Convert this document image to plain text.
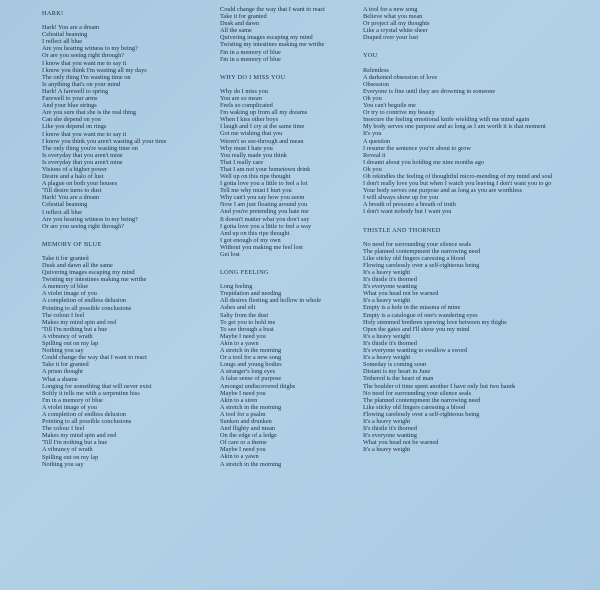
HARK!
Hark! You are a dream
Celestial beaming
I reflect all blue
Are you hearing witness to my being?
Or are you seeing right through?
I know that you want me to say it
I know you think I'm wasting all my days
The only thing I'm wasting time on
Is anything that's on your mind
Hark! A farewell to spring
Farewell to your arms
And your blue strings
Are you sure that she is the real thing
Can she depend on you
Like you depend on rings
I know that you want me to say it
I know you think you aren't wasting all your time
The only thing you're wasting time on
Is everyday that you aren't mine
Is everyday that you aren't mine
Visions of a higher power
Desire and a halo of lust
A plague on both your houses
'Till desire turns to dust
Hark! You are a dream
Celestial beaming
I reflect all blue
Are you hearing witness to my being?
Or are you seeing right through?
MEMORY OF BLUE
Take it for granted
Dusk and dawn all the same
Quivering images escaping my mind
Twisting my intestines making me writhe
A memory of blue
A violet image of you
A completion of endless delusion
Pointing to all possible conclusions
The colour I feel
Makes my mind spin and reel
'Till I'm nothing but a hue
A vibrancy of wrath
Spilling out on my lap
Nothing you say
Could change the way that I want to react
Take it for granted
A prism thought
What a shame
Longing for something that will never exist
Softly it tells me with a serpentine hiss
I'm in a memory of blue
A violet image of you
A completion of endless delusion
Pointing to all possible conclusions
The colour I feel
Makes my mind spin and reel
'Till I'm nothing but a hue
A vibrancy of wrath
Spilling out on my lap
Nothing you say
Could change the way that I want to react
Take it for granted
Dusk and dawn
All the same
Quivering images escaping my mind
Twisting my intestines making me writhe
I'm in a memory of blue
I'm in a memory of blue
WHY DO I MISS YOU
Why do I miss you
You are so mean
Feels so complicated
I'm waking up from all my dreams
When I kiss other boys
I laugh and I cry at the same time
Got me wishing that you
Weren't so see-through and mean
Why must I hate you
You really made you think
That I really care
That I am not your hometown drink
Well up on this ripe thought
I gotta love you a little to feel a lot
Tell me why must I hurt you
Why can't you say how you seem
Now I am just floating around you
And you're pretending you hate me
It doesn't matter what you don't say
I gotta love you a little to feel a way
And up on this ripe thought
I got enough of my own
Without you making me feel lost
Get lost
LONG FEELING
Long feeling
Trepidation and needing
All desires fleeting and hollow in whole
Ashes and silt
Salty from the dust
To get you to hold me
To see through a bust
Maybe I need you
Akin to a yawn
A stretch in the morning
Or a tool for a new song
Longs and young bodies
A stranger's long eyes
A false sense of purpose
Amongst undiscovered thighs
Maybe I need you
Akin to a siren
A stretch in the morning
A tool for a psalm
Sunken and drunken
And flighty and mean
On the edge of a ledge
Of care or a theme
Maybe I need you
Akin to a yawn
A stretch in the morning
A tool for a new song
Believe what you mean
Or project all my thoughts
Like a crystal white sheer
Draped over your lust
YOU
Relentless
A darkened obsession of love
Obsession
Everyone is fine until they are drowning in someone
Oh you
You can't beguile me
Or try to contrive my beauty
Insecure the feeling emotional knife wielding with me mind again
My body serves one purpose and as long as I am worth it is that moment
It's you
A question
I resume the sentence you're about to grow
Reveal it
I dreamt about you holding me nine months ago
Oh you
Oh rekindles the feeling of thoughtful micro-mending of my mind and soul
I don't really love you but when I watch you leaving I don't want you to go
Your body serves one purpose and as long as you are worthless
I will always show up for you
A breath of pressure a breath of truth
I don't want nobody but I want you
THISTLE AND THORNED
No need for surrounding your silence seals
The planned contempment the narrowing need
Like sticky old fingers caressing a blood
Flowing carelessly over a self-righteous being
It's a heavy weight
It's thistle it's thorned
It's everyone wanting
What you head not be warned
It's a heavy weight
Empty is a hole in the miasma of mine
Empty is a catalogue of one's wandering eyes
Holy stemmed brethren spewing love between my thighs
Open the gates and I'll show you my mind
It's a heavy weight
It's thistle it's thorned
It's everyone wanting to swallow a sword
It's a heavy weight
Someday is coming soon
Distant is my heart in June
Tethered is the heart of man
The boulder of time spent another I have only but two hands
No need for surrounding your silence seals
The planned contempment the narrowing need
Like sticky old fingers caressing a blood
Flowing carelessly over a self-righteous being
It's a heavy weight
It's thistle it's thorned
It's everyone wanting
What you head not be warned
It's a heavy weight
